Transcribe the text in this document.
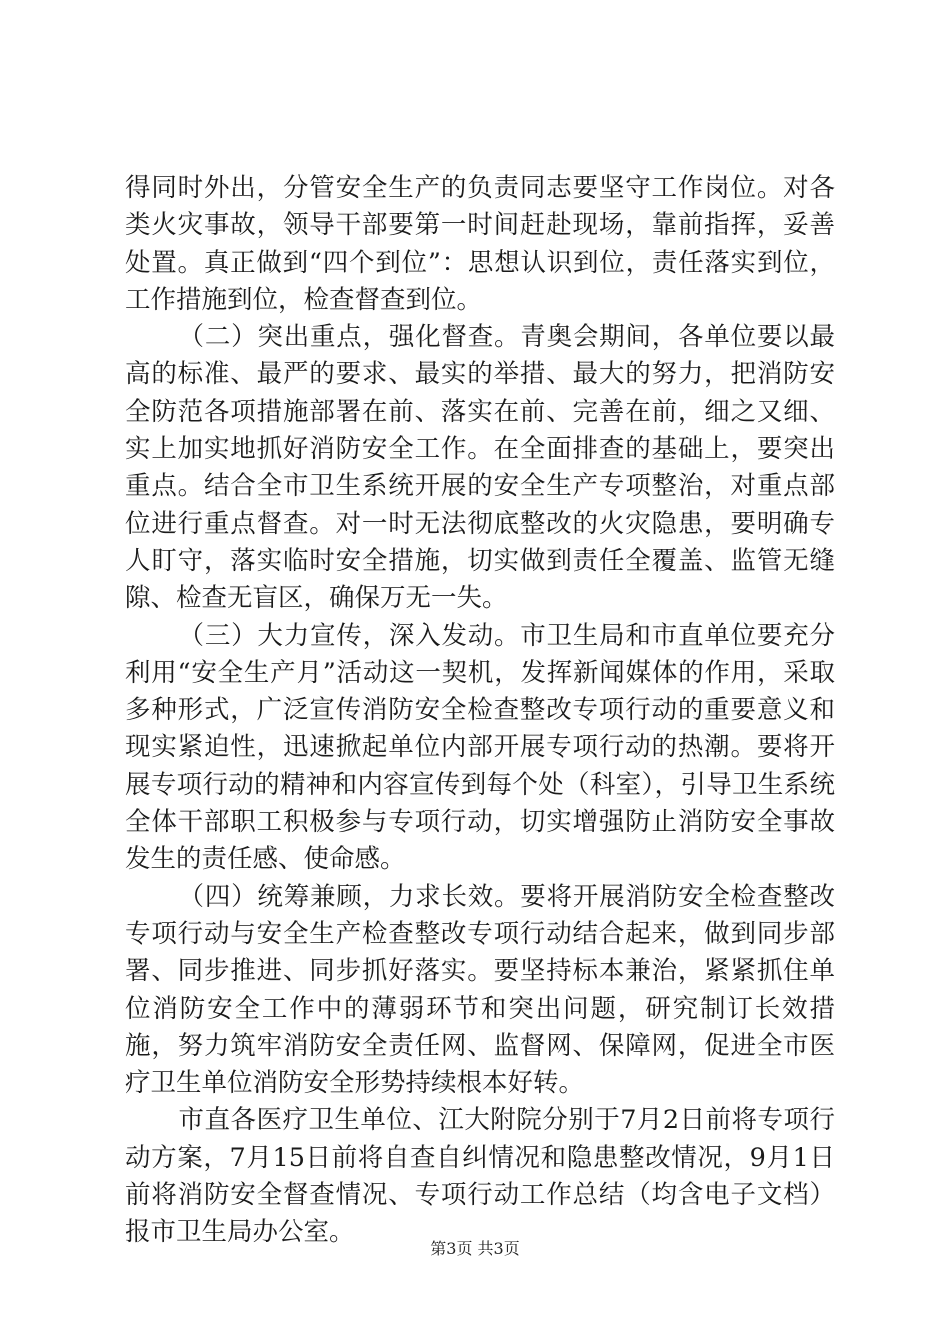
得同时外出，分管安全生产的负责同志要坚守工作岗位。对各类火灾事故，领导干部要第一时间赶赴现场，靠前指挥，妥善处置。真正做到“四个到位”：思想认识到位，责任落实到位，工作措施到位，检查督查到位。

（二）突出重点，强化督查。青奥会期间，各单位要以最高的标准、最严的要求、最实的举措、最大的努力，把消防安全防范各项措施部署在前、落实在前、完善在前，细之又细、实上加实地抓好消防安全工作。在全面排查的基础上，要突出重点。结合全市卫生系统开展的安全生产专项整治，对重点部位进行重点督查。对一时无法彻底整改的火灾隐患，要明确专人盯守，落实临时安全措施，切实做到责任全覆盖、监管无缝隙、检查无盲区，确保万无一失。

（三）大力宣传，深入发动。市卫生局和市直单位要充分利用“安全生产月”活动这一契机，发挥新闻媒体的作用，采取多种形式，广泛宣传消防安全检查整改专项行动的重要意义和现实紧迫性，迅速掀起单位内部开展专项行动的热潮。要将开展专项行动的精神和内容宣传到每个处（科室），引导卫生系统全体干部职工积极参与专项行动，切实增强防止消防安全事故发生的责任感、使命感。

（四）统筹兼顾，力求长效。要将开展消防安全检查整改专项行动与安全生产检查整改专项行动结合起来，做到同步部署、同步推进、同步抓好落实。要坚持标本兼治，紧紧抓住单位消防安全工作中的薄弱环节和突出问题，研究制订长效措施，努力筑牢消防安全责任网、监督网、保障网，促进全市医疗卫生单位消防安全形势持续根本好转。

市直各医疗卫生单位、江大附院分别于7月2日前将专项行动方案，7月15日前将自查自纠情况和隐患整改情况，9月1日前将消防安全督查情况、专项行动工作总结（均含电子文档）报市卫生局办公室。

第3页 共3页
